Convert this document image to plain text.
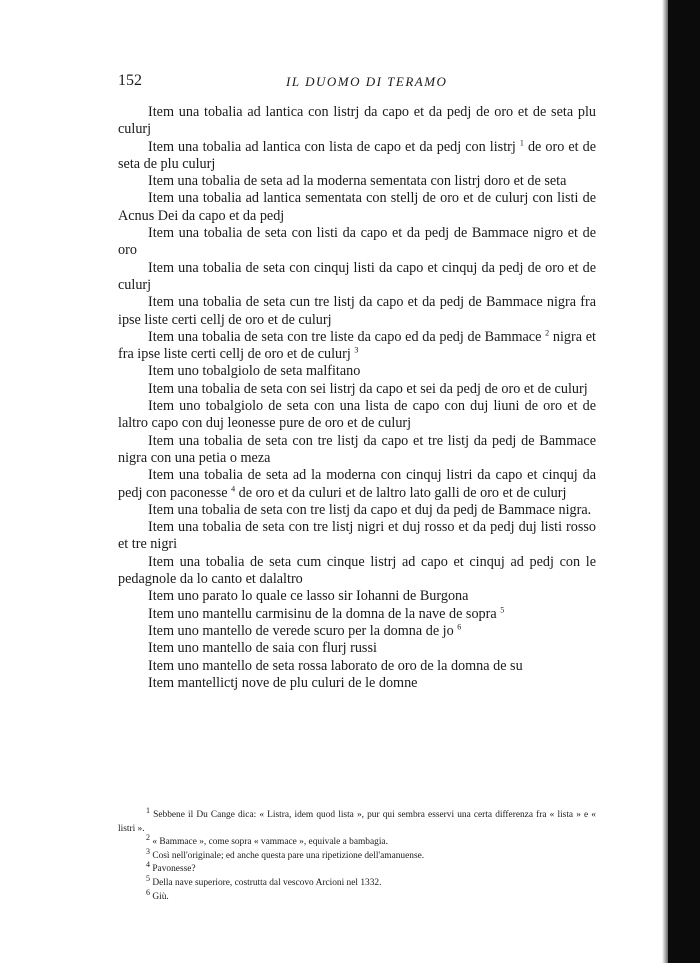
152	IL DUOMO DI TERAMO

Item una tobalia ad lantica con listrj da capo et da pedj de oro et de seta plu culurj

Item una tobalia ad lantica con lista de capo et da pedj con listrj $^1$ de oro et de seta de plu culurj

Item una tobalia de seta ad la moderna sementata con listrj doro et de seta

Item una tobalia ad lantica sementata con stellj de oro et de culurj con listi de Acnus Dei da capo et da pedj

Item una tobalia de seta con listi da capo et da pedj de Bammace nigro et de oro

Item una tobalia de seta con cinquj listi da capo et cinquj da pedj de oro et de culurj

Item una tobalia de seta cun tre listj da capo et da pedj de Bammace nigra fra ipse liste certi cellj de oro et de culurj

Item una tobalia de seta con tre liste da capo ed da pedj de Bammace $^2$ nigra et fra ipse liste certi cellj de oro et de culurj $^3$

Item uno tobalgiolo de seta malfitano

Item una tobalia de seta con sei listrj da capo et sei da pedj de oro et de culurj

Item uno tobalgiolo de seta con una lista de capo con duj liuni de oro et de laltro capo con duj leonesse pure de oro et de culurj

Item una tobalia de seta con tre listj da capo et tre listj da pedj de Bammace nigra con una petia o meza

Item una tobalia de seta ad la moderna con cinquj listri da capo et cinquj da pedj con paconesse $^4$ de oro et da culuri et de laltro lato galli de oro et de culurj

Item una tobalia de seta con tre listj da capo et duj da pedj de Bammace nigra.

Item una tobalia de seta con tre listj nigri et duj rosso et da pedj duj listi rosso et tre nigri

Item una tobalia de seta cum cinque listrj ad capo et cinquj ad pedj con le pedagnole da lo canto et dalaltro

Item uno parato lo quale ce lasso sir Iohanni de Burgona

Item uno mantellu carmisinu de la domna de la nave de sopra $^5$

Item uno mantello de verede scuro per la domna de jo $^6$

Item uno mantello de saia con flurj russi

Item uno mantello de seta rossa laborato de oro de la domna de su

Item mantellictj nove de plu culuri de le domne

$^1$ Sebbene il Du Cange dica: « Listra, idem quod lista », pur qui sembra esservi una certa differenza fra « lista » e « listri ».

$^2$ « Bammace », come sopra « vammace », equivale a bambagia.

$^3$ Così nell'originale; ed anche questa pare una ripetizione dell'amanuense.

$^4$ Pavonesse?

$^5$ Della nave superiore, costrutta dal vescovo Arcioni nel 1332.

$^6$ Giù.
